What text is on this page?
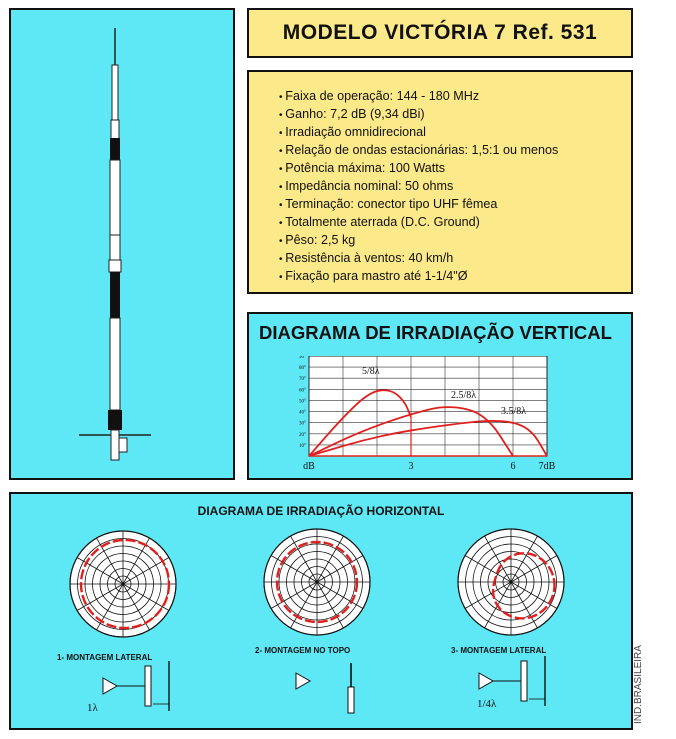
MODELO VICTÓRIA 7 Ref. 531
• Faixa de operação: 144 - 180 MHz
• Ganho: 7,2 dB (9,34 dBi)
• Irradiação omnidirecional
• Relação de ondas estacionárias: 1,5:1 ou menos
• Potência máxima: 100 Watts
• Impedância nominal: 50 ohms
• Terminação: conector tipo UHF fêmea
• Totalmente aterrada (D.C. Ground)
• Pêso: 2,5 kg
• Resistência à ventos: 40 km/h
• Fixação para mastro até 1-1/4"Ø
DIAGRAMA DE IRRADIAÇÃO VERTICAL
90°
80°
70°
60°
50°
40°
30°
20°
10°
dB	3	6 7dB
5/8λ
2.5/8λ
3.5/8λ
DIAGRAMA DE IRRADIAÇÃO HORIZONTAL
1- MONTAGEM LATERAL
2- MONTAGEM NO TOPO	3- MONTAGEM LATERAL
1λ	1/4λ	IND.BRASILEIRA
